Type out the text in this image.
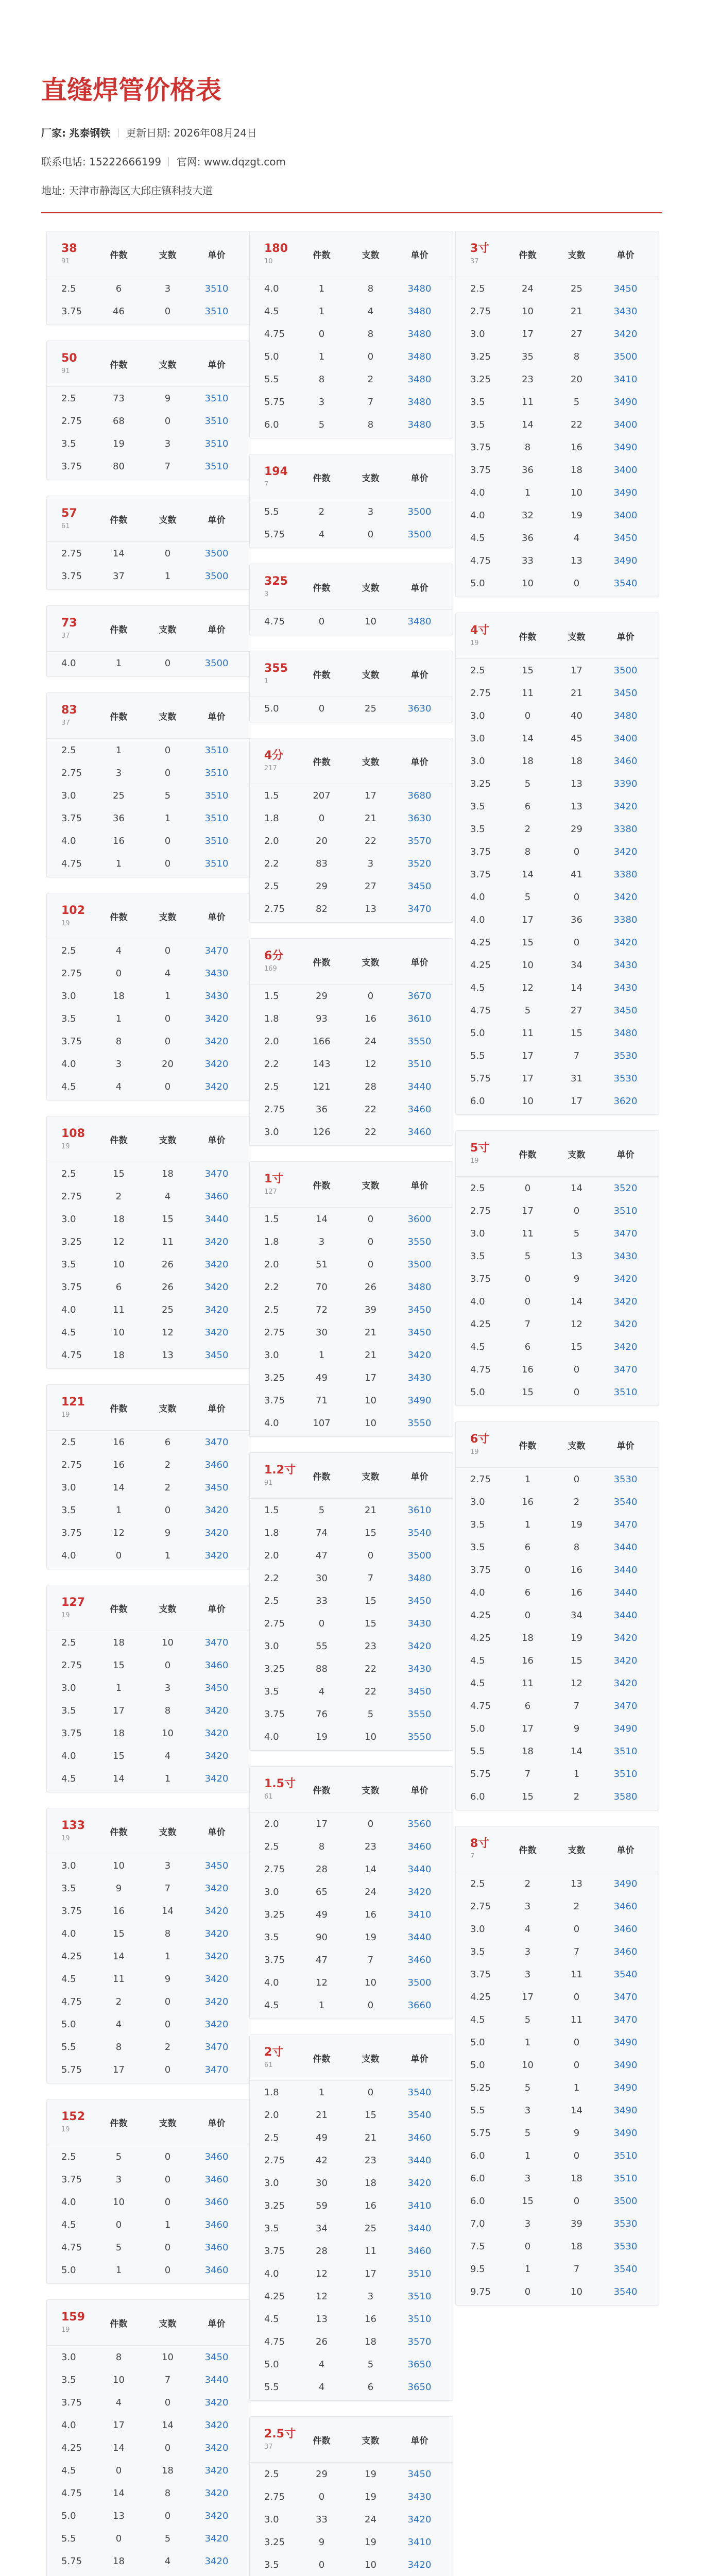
直缝焊管价格表
厂家: 兆泰钢铁 更新日期: 2026年08月24日
联系电话: 15222666199 官网: www.dqzgt.com
地址: 天津市静海区大邱庄镇科技大道
38
91
件数	支数	单价
2.5	6	3	3510
3.75	46	0	3510
50
91
件数	支数	单价
2.5	73	9	3510
2.75	68	0	3510
3.5	19	3	3510
3.75	80	7	3510
57
61
件数	支数	单价
2.75	14	0	3500
3.75	37	1	3500
73
37
件数	支数	单价
4.0	1	0	3500
83
37
件数	支数	单价
2.5	1	0	3510
2.75	3	0	3510
3.0	25	5	3510
3.75	36	1	3510
4.0	16	0	3510
4.75	1	0	3510
102
19
件数	支数	单价
2.5	4	0	3470
2.75	0	4	3430
3.0	18	1	3430
3.5	1	0	3420
3.75	8	0	3420
4.0	3	20	3420
4.5	4	0	3420
108
19
件数	支数	单价
2.5	15	18	3470
2.75	2	4	3460
3.0	18	15	3440
3.25	12	11	3420
3.5	10	26	3420
3.75	6	26	3420
4.0	11	25	3420
4.5	10	12	3420
4.75	18	13	3450
121
19
件数	支数	单价
2.5	16	6	3470
2.75	16	2	3460
3.0	14	2	3450
3.5	1	0	3420
3.75	12	9	3420
4.0	0	1	3420
127
19
件数	支数	单价
2.5	18	10	3470
2.75	15	0	3460
3.0	1	3	3450
3.5	17	8	3420
3.75	18	10	3420
4.0	15	4	3420
4.5	14	1	3420
133
19
件数	支数	单价
3.0	10	3	3450
3.5	9	7	3420
3.75	16	14	3420
4.0	15	8	3420
4.25	14	1	3420
4.5	11	9	3420
4.75	2	0	3420
5.0	4	0	3420
5.5	8	2	3470
5.75	17	0	3470
152
19
件数	支数	单价
2.5	5	0	3460
3.75	3	0	3460
4.0	10	0	3460
4.5	0	1	3460
4.75	5	0	3460
5.0	1	0	3460
159
19
件数	支数	单价
3.0	8	10	3450
3.5	10	7	3440
3.75	4	0	3420
4.0	17	14	3420
4.25	14	0	3420
4.5	0	18	3420
4.75	14	8	3420
5.0	13	0	3420
5.5	0	5	3420
5.75	18	4	3420
180
10
件数	支数	单价
4.0	1	8	3480
4.5	1	4	3480
4.75	0	8	3480
5.0	1	0	3480
5.5	8	2	3480
5.75	3	7	3480
6.0	5	8	3480
194
7
件数	支数	单价
5.5	2	3	3500
5.75	4	0	3500
325
3
件数	支数	单价
4.75	0	10	3480
355
1
件数	支数	单价
5.0	0	25	3630
4分
217
件数	支数	单价
1.5	207	17	3680
1.8	0	21	3630
2.0	20	22	3570
2.2	83	3	3520
2.5	29	27	3450
2.75	82	13	3470
6分
169
件数	支数	单价
1.5	29	0	3670
1.8	93	16	3610
2.0	166	24	3550
2.2	143	12	3510
2.5	121	28	3440
2.75	36	22	3460
3.0	126	22	3460
1寸
127
件数	支数	单价
1.5	14	0	3600
1.8	3	0	3550
2.0	51	0	3500
2.2	70	26	3480
2.5	72	39	3450
2.75	30	21	3450
3.0	1	21	3420
3.25	49	17	3430
3.75	71	10	3490
4.0	107	10	3550
1.2寸
91
件数	支数	单价
1.5	5	21	3610
1.8	74	15	3540
2.0	47	0	3500
2.2	30	7	3480
2.5	33	15	3450
2.75	0	15	3430
3.0	55	23	3420
3.25	88	22	3430
3.5	4	22	3450
3.75	76	5	3550
4.0	19	10	3550
1.5寸
61
件数	支数	单价
2.0	17	0	3560
2.5	8	23	3460
2.75	28	14	3440
3.0	65	24	3420
3.25	49	16	3410
3.5	90	19	3440
3.75	47	7	3460
4.0	12	10	3500
4.5	1	0	3660
2寸
61
件数	支数	单价
1.8	1	0	3540
2.0	21	15	3540
2.5	49	21	3460
2.75	42	23	3440
3.0	30	18	3420
3.25	59	16	3410
3.5	34	25	3440
3.75	28	11	3460
4.0	12	17	3510
4.25	12	3	3510
4.5	13	16	3510
4.75	26	18	3570
5.0	4	5	3650
5.5	4	6	3650
2.5寸
37
件数	支数	单价
2.5	29	19	3450
2.75	0	19	3430
3.0	33	24	3420
3.25	9	19	3410
3.5	0	10	3420
3寸
37
件数	支数	单价
2.5	24	25	3450
2.75	10	21	3430
3.0	17	27	3420
3.25	35	8	3500
3.25	23	20	3410
3.5	11	5	3490
3.5	14	22	3400
3.75	8	16	3490
3.75	36	18	3400
4.0	1	10	3490
4.0	32	19	3400
4.5	36	4	3450
4.75	33	13	3490
5.0	10	0	3540
4寸
19
件数	支数	单价
2.5	15	17	3500
2.75	11	21	3450
3.0	0	40	3480
3.0	14	45	3400
3.0	18	18	3460
3.25	5	13	3390
3.5	6	13	3420
3.5	2	29	3380
3.75	8	0	3420
3.75	14	41	3380
4.0	5	0	3420
4.0	17	36	3380
4.25	15	0	3420
4.25	10	34	3430
4.5	12	14	3430
4.75	5	27	3450
5.0	11	15	3480
5.5	17	7	3530
5.75	17	31	3530
6.0	10	17	3620
5寸
19
件数	支数	单价
2.5	0	14	3520
2.75	17	0	3510
3.0	11	5	3470
3.5	5	13	3430
3.75	0	9	3420
4.0	0	14	3420
4.25	7	12	3420
4.5	6	15	3420
4.75	16	0	3470
5.0	15	0	3510
6寸
19
件数	支数	单价
2.75	1	0	3530
3.0	16	2	3540
3.5	1	19	3470
3.5	6	8	3440
3.75	0	16	3440
4.0	6	16	3440
4.25	0	34	3440
4.25	18	19	3420
4.5	16	15	3420
4.5	11	12	3420
4.75	6	7	3470
5.0	17	9	3490
5.5	18	14	3510
5.75	7	1	3510
6.0	15	2	3580
8寸
7
件数	支数	单价
2.5	2	13	3490
2.75	3	2	3460
3.0	4	0	3460
3.5	3	7	3460
3.75	3	11	3540
4.25	17	0	3470
4.5	5	11	3470
5.0	1	0	3490
5.0	10	0	3490
5.25	5	1	3490
5.5	3	14	3490
5.75	5	9	3490
6.0	1	0	3510
6.0	3	18	3510
6.0	15	0	3500
7.0	3	39	3530
7.5	0	18	3530
9.5	1	7	3540
9.75	0	10	3540
